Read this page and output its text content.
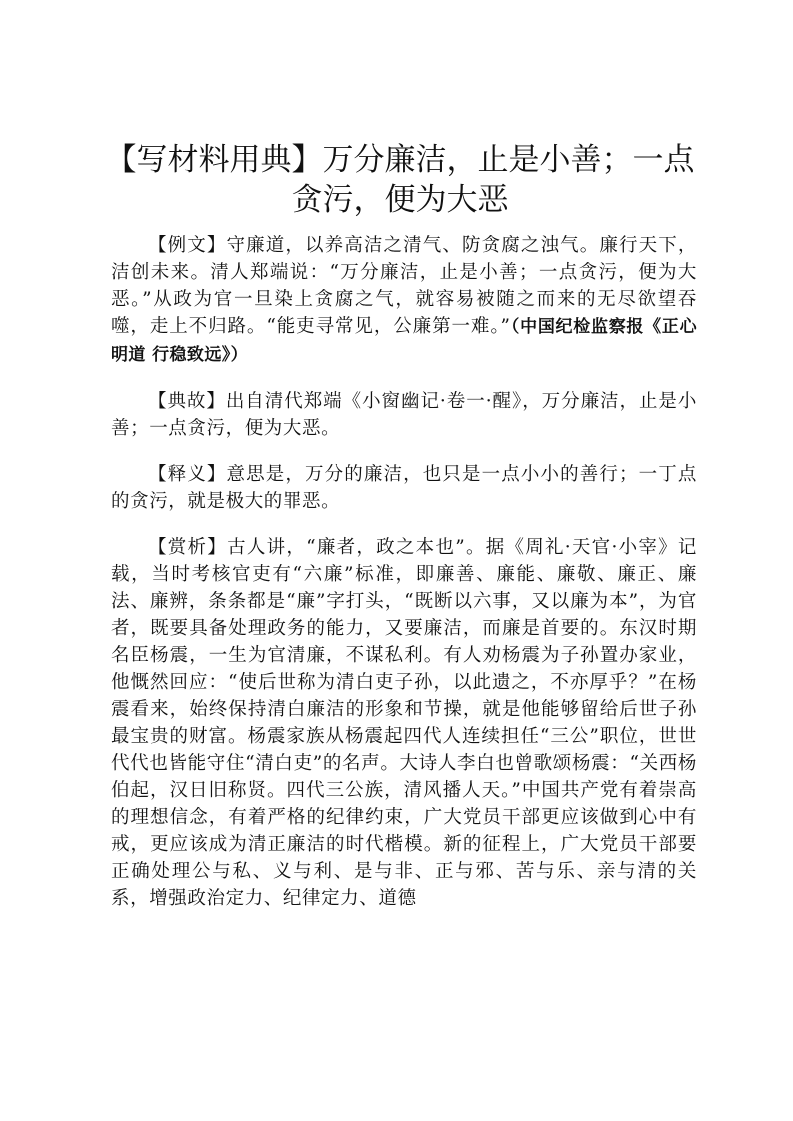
【写材料用典】万分廉洁，止是小善；一点贪污，便为大恶

【例文】守廉道，以养高洁之清气、防贪腐之浊气。廉行天下，洁创未来。清人郑端说：“万分廉洁，止是小善；一点贪污，便为大恶。”从政为官一旦染上贪腐之气，就容易被随之而来的无尽欲望吞噬，走上不归路。“能吏寻常见，公廉第一难。”（中国纪检监察报《正心明道 行稳致远》）

【典故】出自清代郑端《小窗幽记·卷一·醒》，万分廉洁，止是小善；一点贪污，便为大恶。

【释义】意思是，万分的廉洁，也只是一点小小的善行；一丁点的贪污，就是极大的罪恶。

【赏析】古人讲，“廉者，政之本也”。据《周礼·天官·小宰》记载，当时考核官吏有“六廉”标准，即廉善、廉能、廉敬、廉正、廉法、廉辨，条条都是“廉”字打头，“既断以六事，又以廉为本”，为官者，既要具备处理政务的能力，又要廉洁，而廉是首要的。东汉时期名臣杨震，一生为官清廉，不谋私利。有人劝杨震为子孙置办家业，他慨然回应：“使后世称为清白吏子孙，以此遗之，不亦厚乎？”在杨震看来，始终保持清白廉洁的形象和节操，就是他能够留给后世子孙最宝贵的财富。杨震家族从杨震起四代人连续担任“三公”职位，世世代代也皆能守住“清白吏”的名声。大诗人李白也曾歌颂杨震：“关西杨伯起，汉日旧称贤。四代三公族，清风播人天。”中国共产党有着崇高的理想信念，有着严格的纪律约束，广大党员干部更应该做到心中有戒，更应该成为清正廉洁的时代楷模。新的征程上，广大党员干部要正确处理公与私、义与利、是与非、正与邪、苦与乐、亲与清的关系，增强政治定力、纪律定力、道德
